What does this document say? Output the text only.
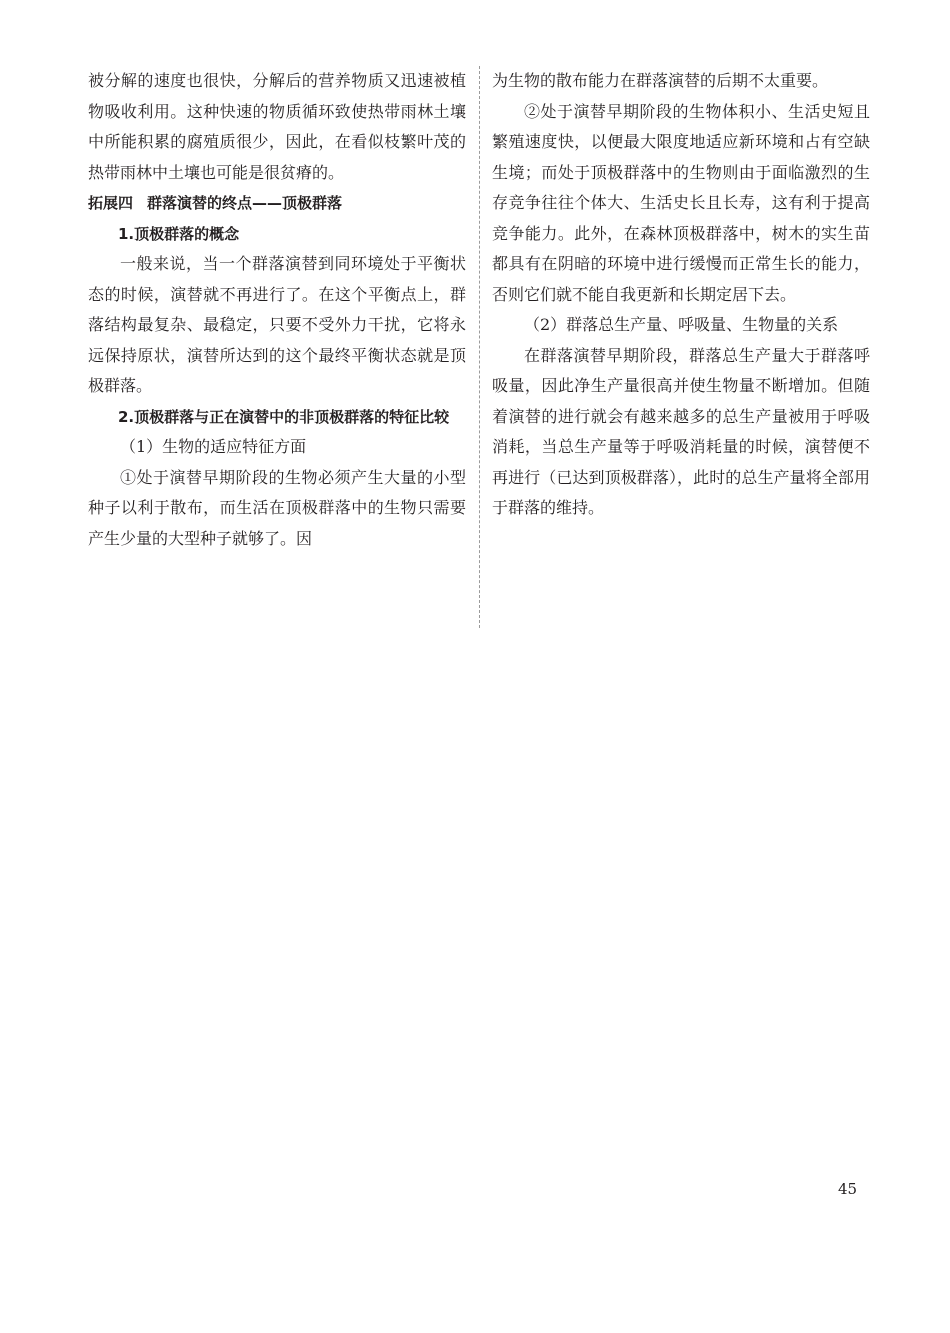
被分解的速度也很快，分解后的营养物质又迅速被植物吸收利用。这种快速的物质循环致使热带雨林土壤中所能积累的腐殖质很少，因此，在看似枝繁叶茂的热带雨林中土壤也可能是很贫瘠的。

拓展四 群落演替的终点——顶极群落

1.顶极群落的概念

一般来说，当一个群落演替到同环境处于平衡状态的时候，演替就不再进行了。在这个平衡点上，群落结构最复杂、最稳定，只要不受外力干扰，它将永远保持原状，演替所达到的这个最终平衡状态就是顶极群落。

2.顶极群落与正在演替中的非顶极群落的特征比较

（1）生物的适应特征方面

①处于演替早期阶段的生物必须产生大量的小型种子以利于散布，而生活在顶极群落中的生物只需要产生少量的大型种子就够了。因

为生物的散布能力在群落演替的后期不太重要。

②处于演替早期阶段的生物体积小、生活史短且繁殖速度快，以便最大限度地适应新环境和占有空缺生境；而处于顶极群落中的生物则由于面临激烈的生存竞争往往个体大、生活史长且长寿，这有利于提高竞争能力。此外，在森林顶极群落中，树木的实生苗都具有在阴暗的环境中进行缓慢而正常生长的能力，否则它们就不能自我更新和长期定居下去。

（2）群落总生产量、呼吸量、生物量的关系

在群落演替早期阶段，群落总生产量大于群落呼吸量，因此净生产量很高并使生物量不断增加。但随着演替的进行就会有越来越多的总生产量被用于呼吸消耗，当总生产量等于呼吸消耗量的时候，演替便不再进行（已达到顶极群落），此时的总生产量将全部用于群落的维持。

45
